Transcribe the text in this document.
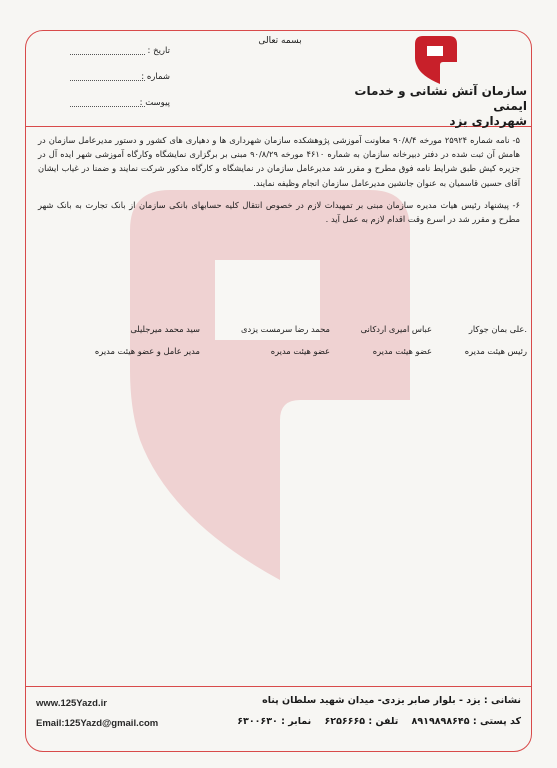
سازمان آتش نشانی و خدمات ایمنی
شهرداری یزد
بسمه تعالی
تاریخ :
شماره :
پیوست :

۵- نامه شماره ۲۵۹۲۴ مورخه ۹۰/۸/۴ معاونت آموزشی پژوهشکده سازمان شهرداری ها و دهیاری های کشور و دستور مدیرعامل سازمان در هامش آن ثبت شده در دفتر دبیرخانه سازمان به شماره ۴۶۱۰ مورخه ۹۰/۸/۲۹ مبنی بر برگزاری نمایشگاه وکارگاه آموزشی شهر ایده آل در جزیره کیش طبق شرایط نامه فوق مطرح و مقرر شد مدیرعامل سازمان در نمایشگاه و کارگاه مذکور شرکت نمایند و ضمنا در غیاب ایشان آقای حسین قاسمیان به عنوان جانشین مدیرعامل سازمان انجام وظیفه نمایند.

۶- پیشنهاد رئیس هیات مدیره سازمان مبنی بر تمهیدات لازم در خصوص انتقال کلیه حسابهای بانکی سازمان از بانک تجارت به بانک شهر مطرح و مقرر شد در اسرع وقت اقدام لازم به عمل آید .

.علی بمان جوکار
رئیس هیئت مدیره
عباس امیری اردکانی
عضو هیئت مدیره
محمد رضا سرمست یزدی
عضو هیئت مدیره
سید محمد میرجلیلی
مدیر عامل و عضو هیئت مدیره
www.125Yazd.ir
Email:125Yazd@gmail.com
نشانی : یزد - بلوار صابر یزدی- میدان شهید سلطان پناه
کد پستی : ۸۹۱۹۸۹۸۶۴۵    تلفن : ۶۲۵۶۶۶۵    نمابر : ۶۳۰۰۶۳۰
